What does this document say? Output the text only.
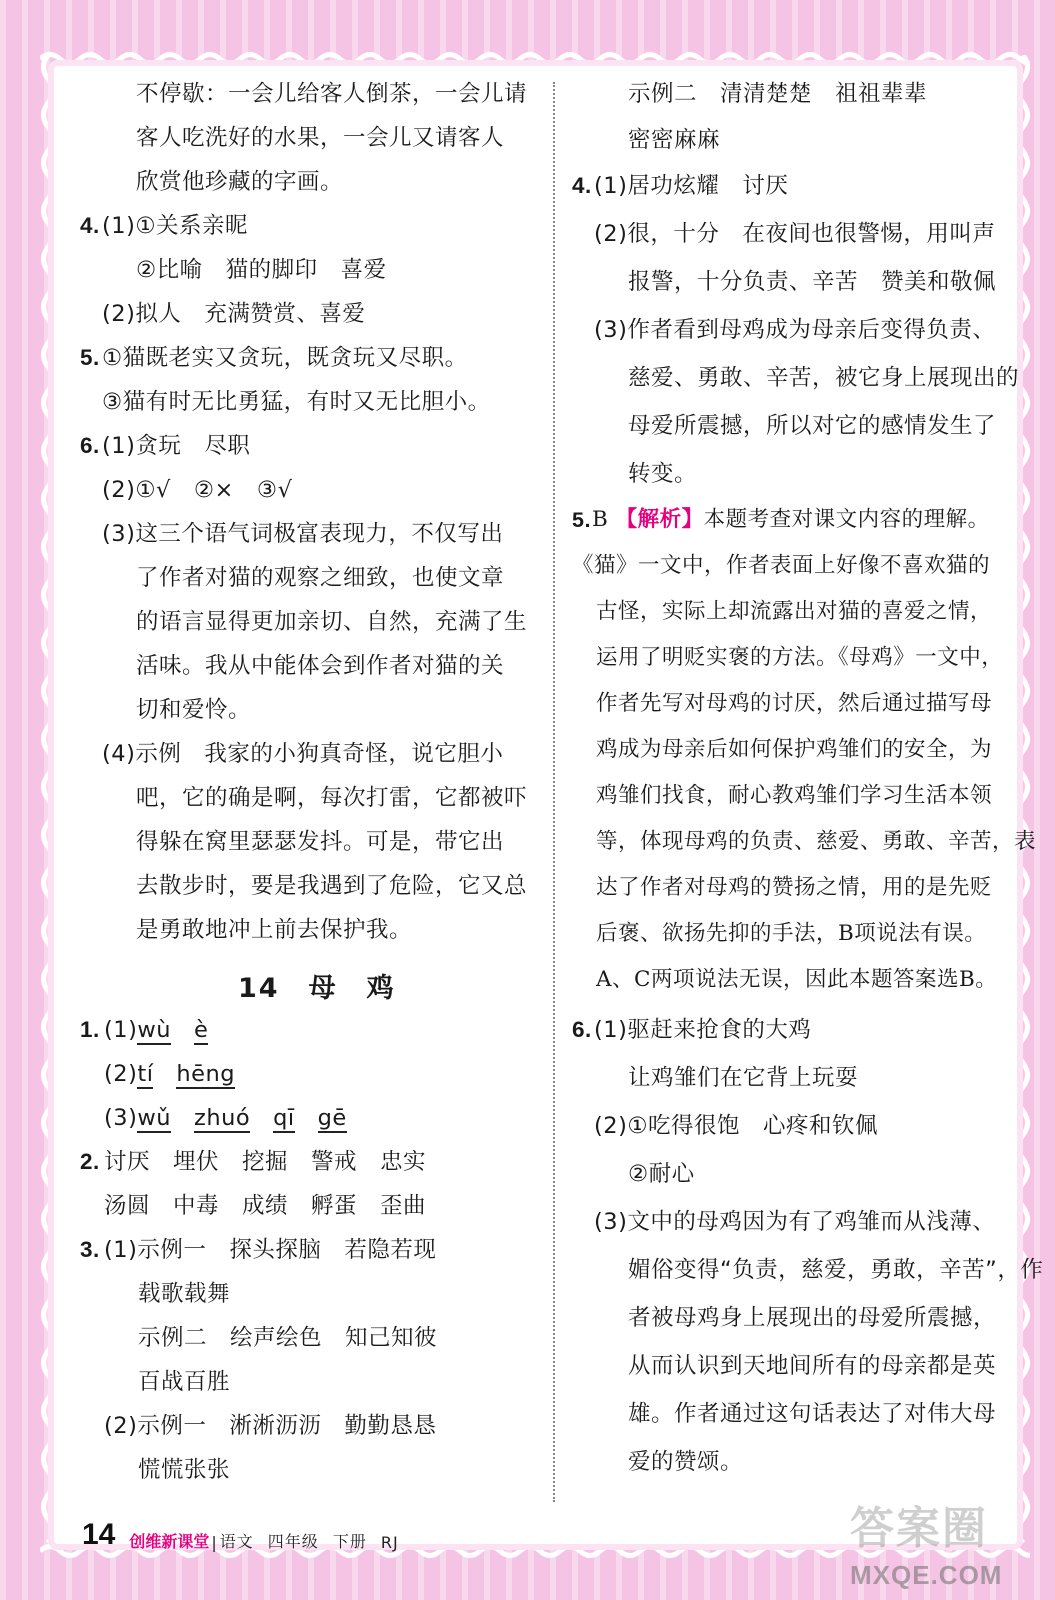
不停歇：一会儿给客人倒茶，一会儿请
客人吃洗好的水果，一会儿又请客人
欣赏他珍藏的字画。
4. (1)①关系亲昵
②比喻　猫的脚印　喜爱
(2)拟人　充满赞赏、喜爱
5. ①猫既老实又贪玩，既贪玩又尽职。
③猫有时无比勇猛，有时又无比胆小。
6. (1)贪玩　尽职
(2)①√　②×　③√
(3)这三个语气词极富表现力，不仅写出
了作者对猫的观察之细致，也使文章
的语言显得更加亲切、自然，充满了生
活味。我从中能体会到作者对猫的关
切和爱怜。
(4)示例　我家的小狗真奇怪，说它胆小
吧，它的确是啊，每次打雷，它都被吓
得躲在窝里瑟瑟发抖。可是，带它出
去散步时，要是我遇到了危险，它又总
是勇敢地冲上前去保护我。
14　母　鸡
1. (1)wù è
(2)tí hēng
(3)wǔ zhuó qī gē
2. 讨厌　埋伏　挖掘　警戒　忠实
汤圆　中毒　成绩　孵蛋　歪曲
3. (1)示例一　探头探脑　若隐若现
载歌载舞
示例二　绘声绘色　知己知彼
百战百胜
(2)示例一　淅淅沥沥　勤勤恳恳
慌慌张张
示例二　清清楚楚　祖祖辈辈
密密麻麻
4. (1)居功炫耀　讨厌
(2)很，十分　在夜间也很警惕，用叫声
报警，十分负责、辛苦　赞美和敬佩
(3)作者看到母鸡成为母亲后变得负责、
慈爱、勇敢、辛苦，被它身上展现出的
母爱所震撼，所以对它的感情发生了
转变。
5. B 【解析】本题考查对课文内容的理解。
《猫》一文中，作者表面上好像不喜欢猫的
古怪，实际上却流露出对猫的喜爱之情，
运用了明贬实褒的方法。《母鸡》一文中，
作者先写对母鸡的讨厌，然后通过描写母
鸡成为母亲后如何保护鸡雏们的安全，为
鸡雏们找食，耐心教鸡雏们学习生活本领
等，体现母鸡的负责、慈爱、勇敢、辛苦，表
达了作者对母鸡的赞扬之情，用的是先贬
后褒、欲扬先抑的手法，B项说法有误。
A、C两项说法无误，因此本题答案选B。
6. (1)驱赶来抢食的大鸡
让鸡雏们在它背上玩耍
(2)①吃得很饱　心疼和钦佩
②耐心
(3)文中的母鸡因为有了鸡雏而从浅薄、
媚俗变得“负责，慈爱，勇敢，辛苦”，作
者被母鸡身上展现出的母爱所震撼，
从而认识到天地间所有的母亲都是英
雄。作者通过这句话表达了对伟大母
爱的赞颂。
14 创维新课堂 | 语文 四年级 下册 RJ	答案圈
MXQE.COM
